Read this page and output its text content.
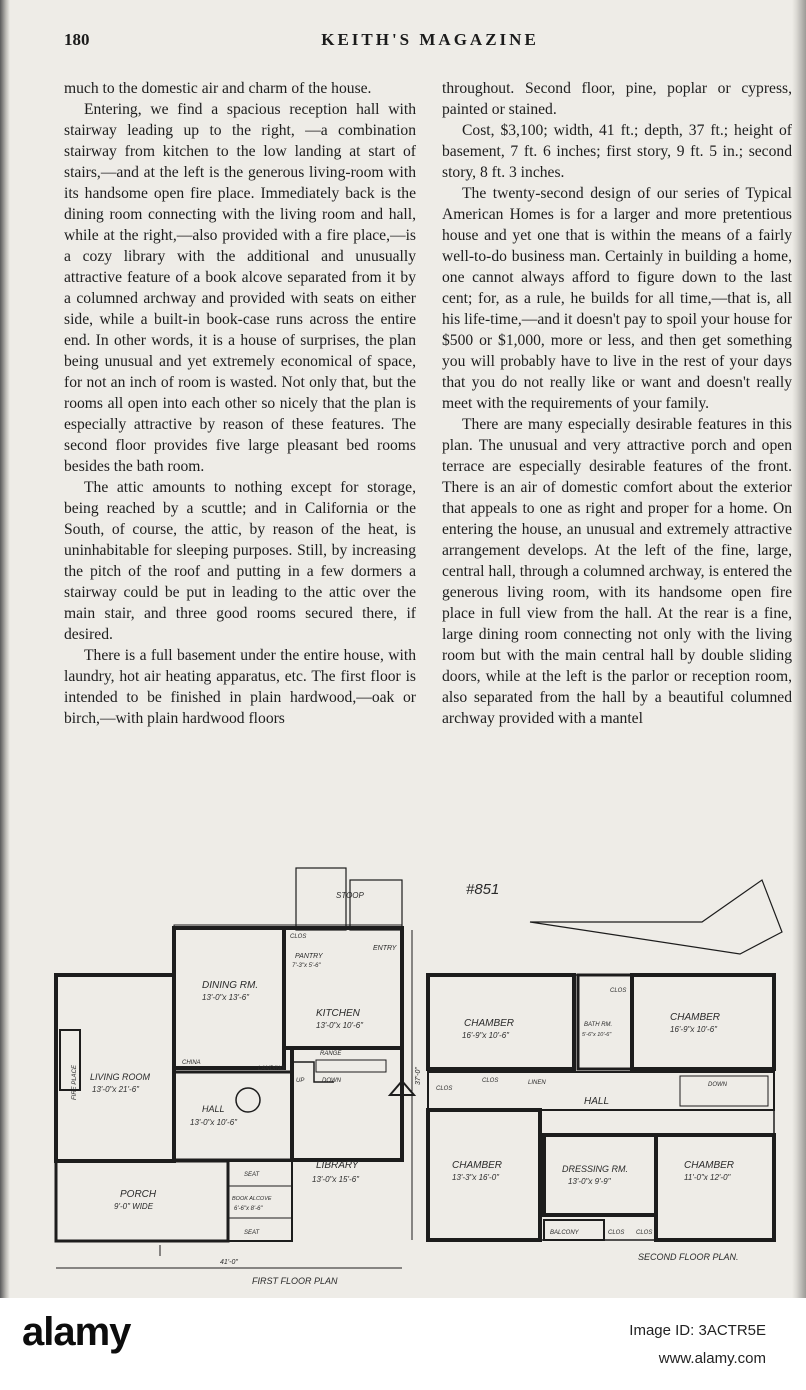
180	KEITH'S MAGAZINE

much to the domestic air and charm of the house.

Entering, we find a spacious reception hall with stairway leading up to the right, —a combination stairway from kitchen to the low landing at start of stairs,—and at the left is the generous living-room with its handsome open fire place. Immediately back is the dining room connecting with the living room and hall, while at the right,—also provided with a fire place,—is a cozy library with the additional and unusually attractive feature of a book alcove separated from it by a columned archway and provided with seats on either side, while a built-in book-case runs across the entire end. In other words, it is a house of surprises, the plan being unusual and yet extremely economical of space, for not an inch of room is wasted. Not only that, but the rooms all open into each other so nicely that the plan is especially attractive by reason of these features. The second floor provides five large pleasant bed rooms besides the bath room.

The attic amounts to nothing except for storage, being reached by a scuttle; and in California or the South, of course, the attic, by reason of the heat, is uninhabitable for sleeping purposes. Still, by increasing the pitch of the roof and putting in a few dormers a stairway could be put in leading to the attic over the main stair, and three good rooms secured there, if desired.

There is a full basement under the entire house, with laundry, hot air heating apparatus, etc. The first floor is intended to be finished in plain hardwood,—oak or birch,—with plain hardwood floors

throughout. Second floor, pine, poplar or cypress, painted or stained.

Cost, $3,100; width, 41 ft.; depth, 37 ft.; height of basement, 7 ft. 6 inches; first story, 9 ft. 5 in.; second story, 8 ft. 3 inches.

The twenty-second design of our series of Typical American Homes is for a larger and more pretentious house and yet one that is within the means of a fairly well-to-do business man. Certainly in building a home, one cannot always afford to figure down to the last cent; for, as a rule, he builds for all time,—that is, all his life-time,—and it doesn't pay to spoil your house for $500 or $1,000, more or less, and then get something you will probably have to live in the rest of your days that you do not really like or want and doesn't really meet with the requirements of your family.

There are many especially desirable features in this plan. The unusual and very attractive porch and open terrace are especially desirable features of the front. There is an air of domestic comfort about the exterior that appeals to one as right and proper for a home. On entering the house, an unusual and extremely attractive arrangement develops. At the left of the fine, large, central hall, through a columned archway, is entered the generous living room, with its handsome open fire place in full view from the hall. At the rear is a fine, large dining room connecting not only with the living room but with the main central hall by double sliding doors, while at the left is the parlor or reception room, also separated from the hall by a beautiful columned archway provided with a mantel

STOOP
ENTRY
CLOS
PANTRY
7'-3"x 5'-6"
DINING RM.
13'-0"x 13'-6"
KITCHEN
13'-0"x 10'-6"
RANGE
LIVING ROOM
13'-0"x 21'-6"
FIRE PLACE
CHINA
LANDING
UP	DOWN
HALL
13'-0"x 10'-6"
LIBRARY
13'-0"x 15'-6"
SEAT
BOOK ALCOVE
6'-6"x 8'-6"
SEAT
PORCH
9'-0" WIDE
41'-0"
37'-0"
FIRST FLOOR PLAN
#851
CHAMBER
16'-9"x 10'-6"
BATH RM.
5'-6"x 10'-6"
CLOS
CHAMBER
16'-9"x 10'-6"
CLOS
CLOS	LINEN	DOWN
HALL
CHAMBER
13'-3"x 16'-0"
DRESSING RM.
13'-0"x 9'-9"
CHAMBER
11'-0"x 12'-0"
BALCONY	CLOS CLOS
SECOND FLOOR PLAN.
alamy	Image ID: 3ACTR5E
www.alamy.com
